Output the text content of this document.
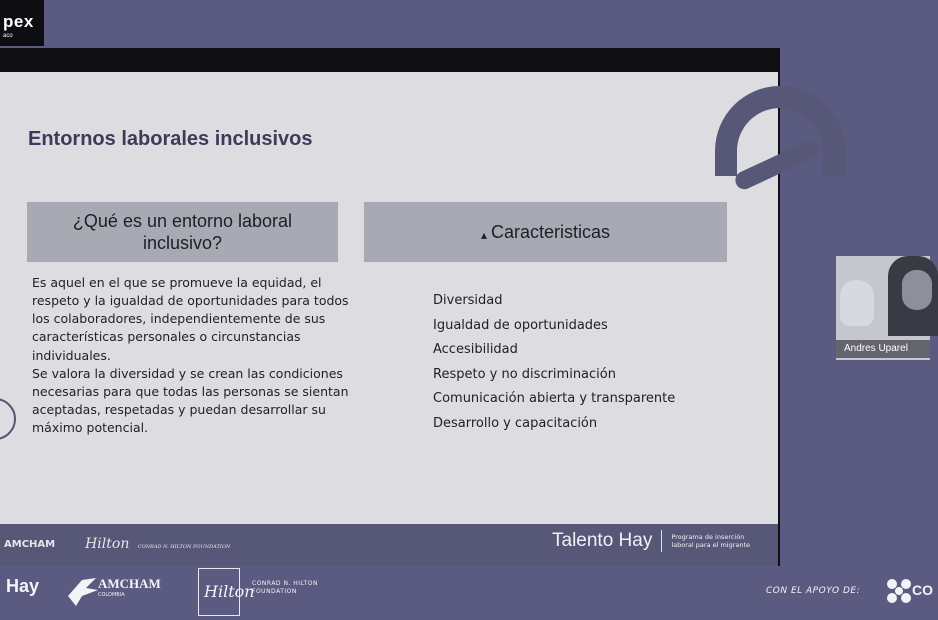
pex
aco
Entornos laborales inclusivos
¿Qué es un entorno laboral inclusivo?	▴ Caracteristicas

Es aquel en el que se promueve la equidad, el respeto y la igualdad de oportunidades para todos los colaboradores, independientemente de sus características personales o circunstancias individuales.

Se valora la diversidad y se crean las condiciones necesarias para que todas las personas se sientan aceptadas, respetadas y puedan desarrollar su máximo potencial.

Diversidad
Igualdad de oportunidades
Accesibilidad
Respeto y no discriminación
Comunicación abierta y transparente
Desarrollo y capacitación
AMCHAM Hilton CONRAD N. HILTON FOUNDATION	Talento Hay	Programa de inserción laboral para el migrante
Andres Uparel
Hay	AMCHAM
COLOMBIA	Hilton
CONRAD N. HILTON FOUNDATION	CON EL APOYO DE:	CO
